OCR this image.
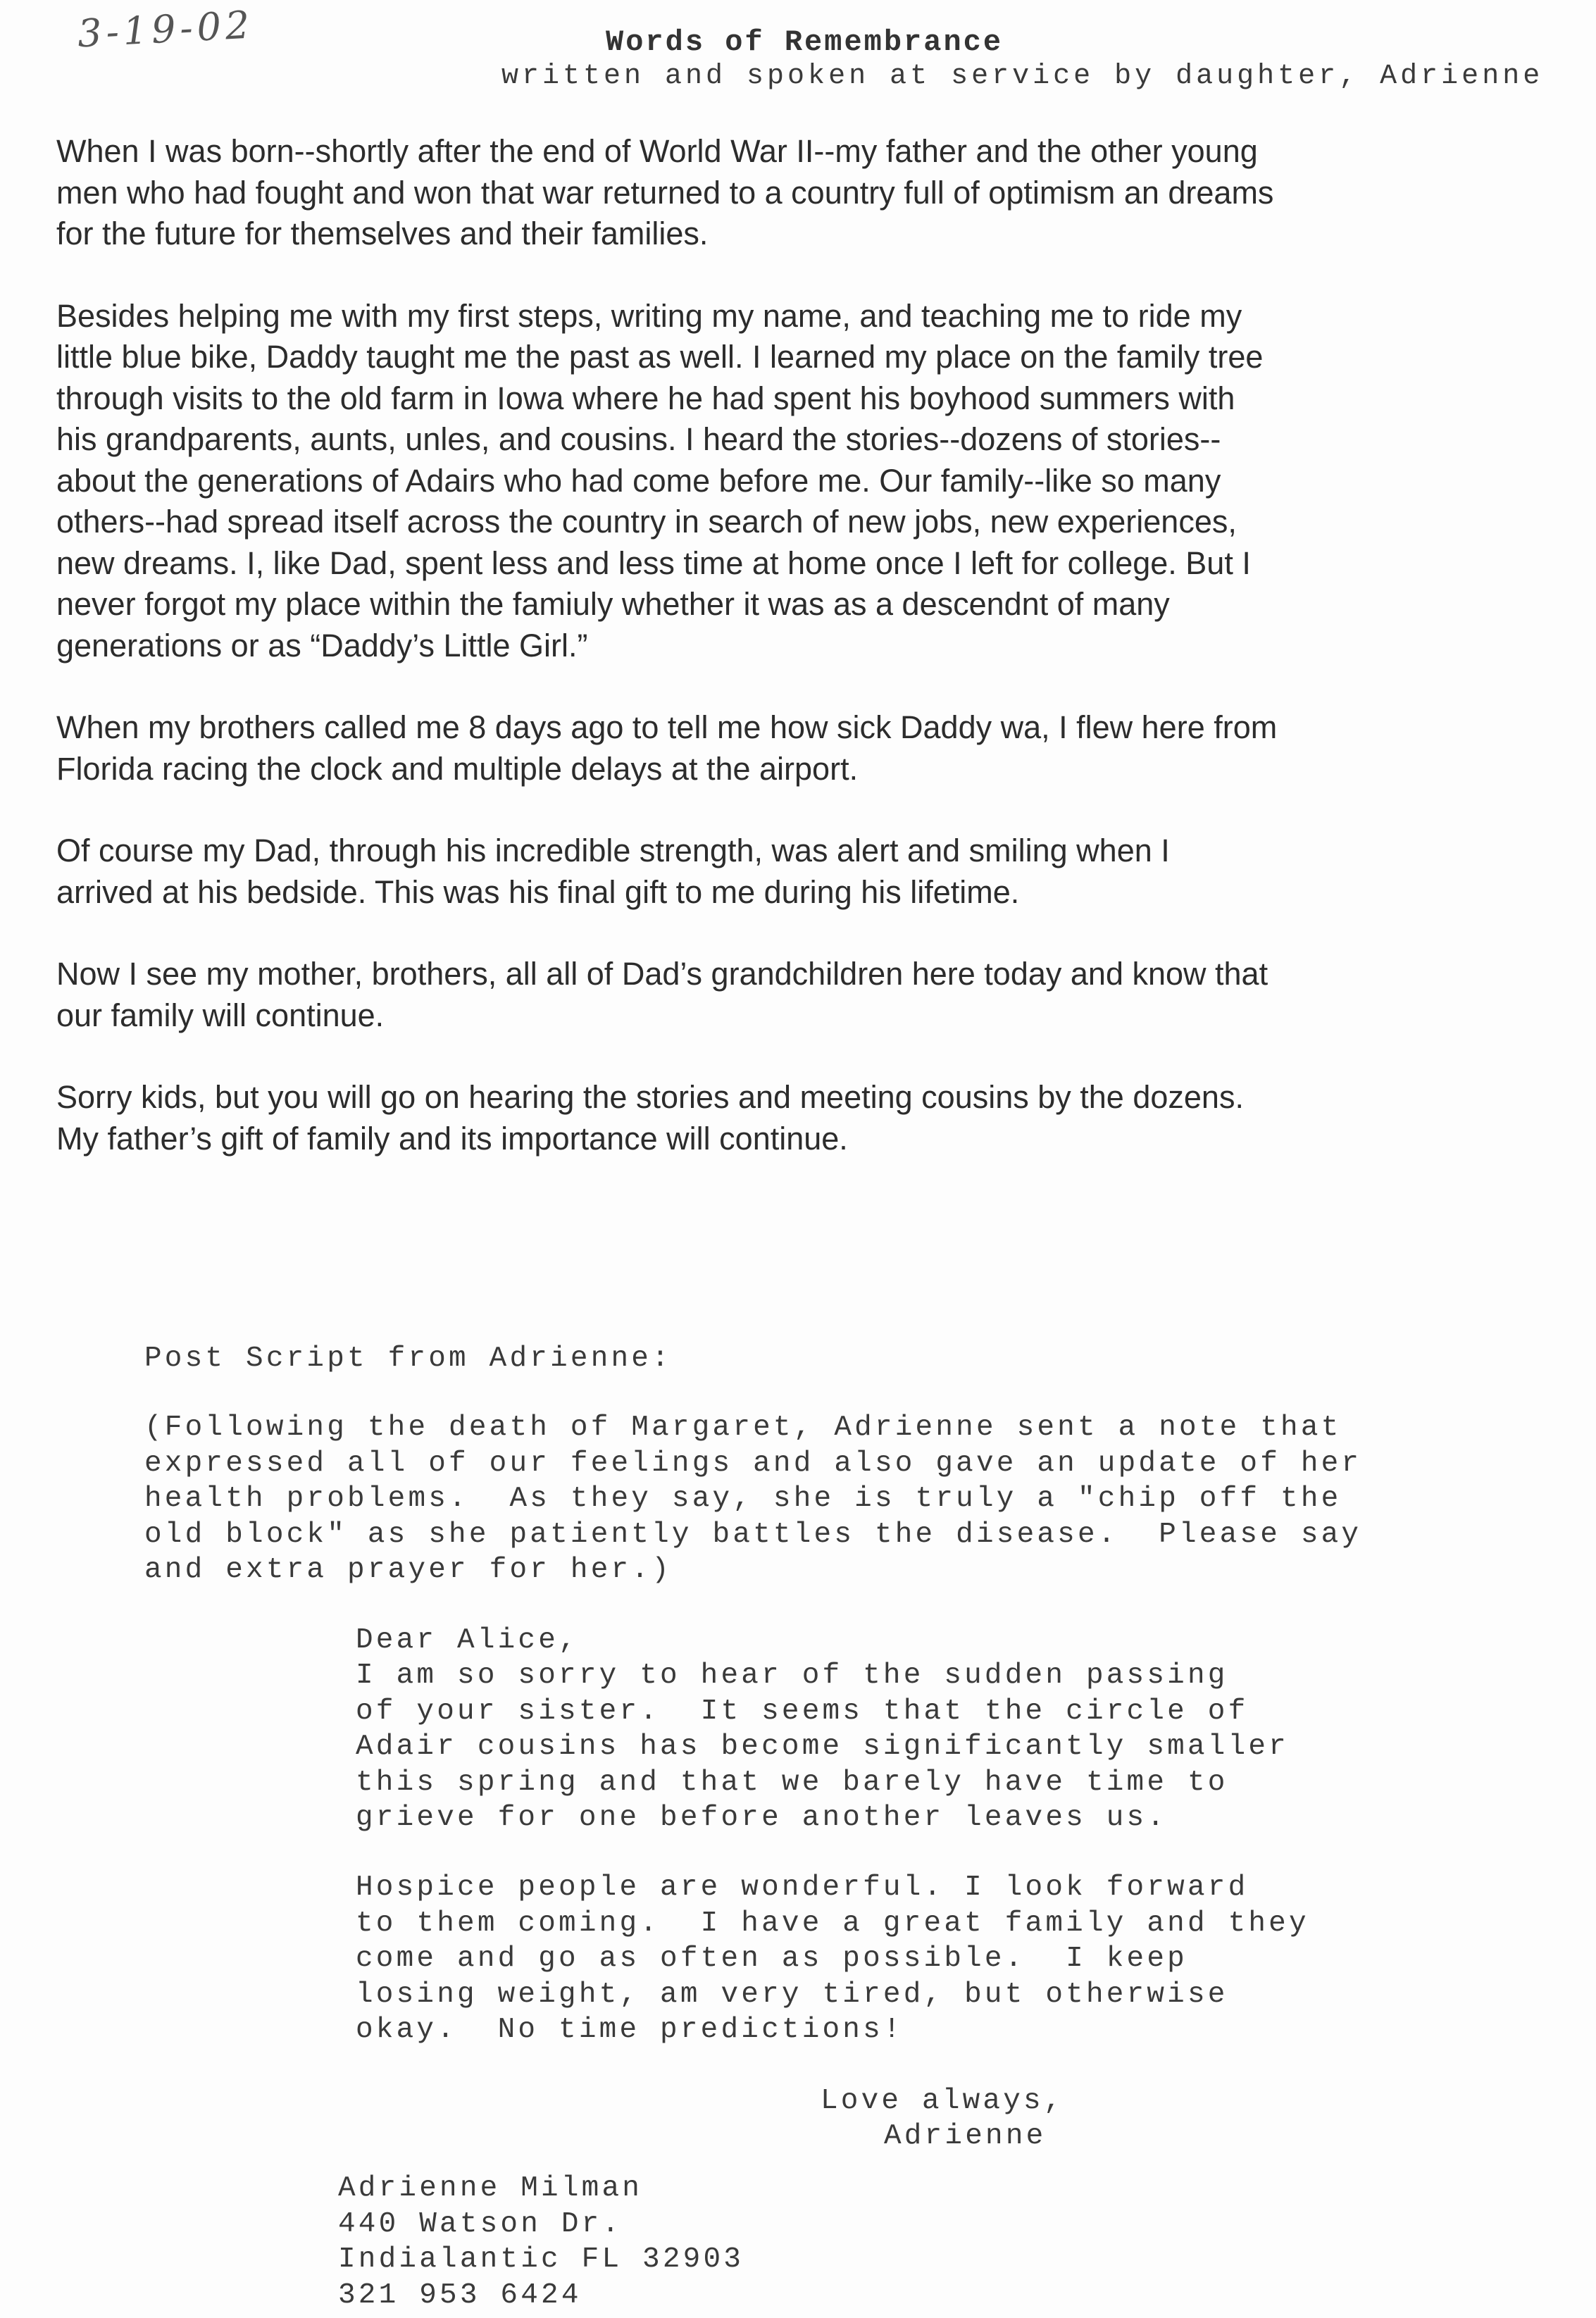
3-19-02	Words of Remembrance
written and spoken at service by daughter, Adrienne

When I was born--shortly after the end of World War II--my father and the other young
men who had fought and won that war returned to a country full of optimism an dreams
for the future for themselves and their families.

Besides helping me with my first steps, writing my name, and teaching me to ride my
little blue bike, Daddy taught me the past as well. I learned my place on the family tree
through visits to the old farm in Iowa where he had spent his boyhood summers with
his grandparents, aunts, unles, and cousins. I heard the stories--dozens of stories--
about the generations of Adairs who had come before me. Our family--like so many
others--had spread itself across the country in search of new jobs, new experiences,
new dreams. I, like Dad, spent less and less time at home once I left for college. But I
never forgot my place within the famiuly whether it was as a descendnt of many
generations or as “Daddy’s Little Girl.”

When my brothers called me 8 days ago to tell me how sick Daddy wa, I flew here from
Florida racing the clock and multiple delays at the airport.

Of course my Dad, through his incredible strength, was alert and smiling when I
arrived at his bedside. This was his final gift to me during his lifetime.

Now I see my mother, brothers, all all of Dad’s grandchildren here today and know that
our family will continue.

Sorry kids, but you will go on hearing the stories and meeting cousins by the dozens.
My father’s gift of family and its importance will continue.

Post Script from Adrienne:
(Following the death of Margaret, Adrienne sent a note that
expressed all of our feelings and also gave an update of her
health problems.  As they say, she is truly a "chip off the
old block" as she patiently battles the disease.  Please say
and extra prayer for her.)
Dear Alice,
I am so sorry to hear of the sudden passing
of your sister.  It seems that the circle of
Adair cousins has become significantly smaller
this spring and that we barely have time to
grieve for one before another leaves us.
Hospice people are wonderful. I look forward
to them coming.  I have a great family and they
come and go as often as possible.  I keep
losing weight, am very tired, but otherwise
okay.  No time predictions!
Love always,
Adrienne
Adrienne Milman
440 Watson Dr.
Indialantic FL 32903
321 953 6424
